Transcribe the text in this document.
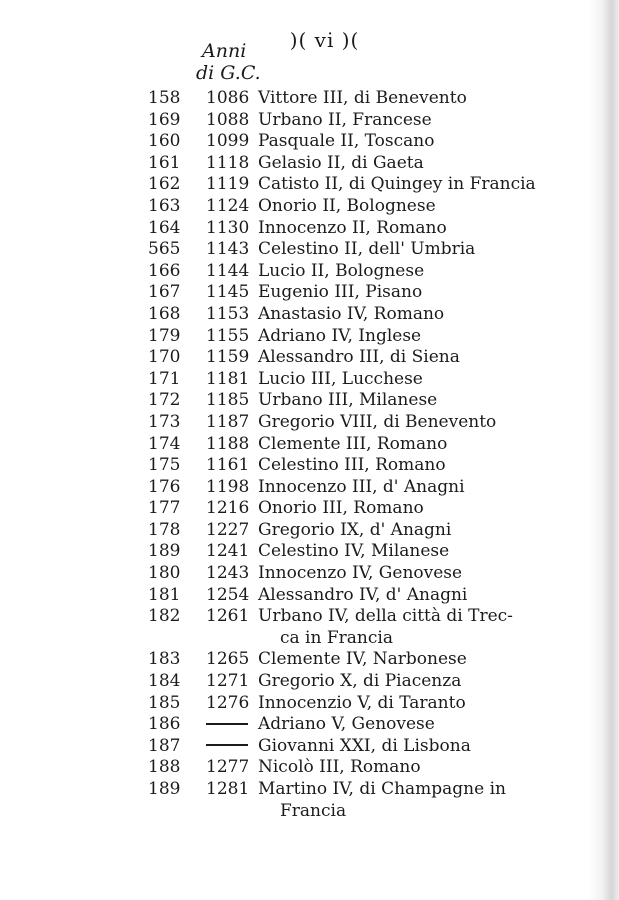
)( vi )(
Anni
di G.C.
158 1086 Vittore III, di Benevento
169 1088 Urbano II, Francese
160 1099 Pasquale II, Toscano
161 1118 Gelasio II, di Gaeta
162 1119 Catisto II, di Quingey in Francia
163 1124 Onorio II, Bolognese
164 1130 Innocenzo II, Romano
565 1143 Celestino II, dell' Umbria
166 1144 Lucio II, Bolognese
167 1145 Eugenio III, Pisano
168 1153 Anastasio IV, Romano
179 1155 Adriano IV, Inglese
170 1159 Alessandro III, di Siena
171 1181 Lucio III, Lucchese
172 1185 Urbano III, Milanese
173 1187 Gregorio VIII, di Benevento
174 1188 Clemente III, Romano
175 1161 Celestino III, Romano
176 1198 Innocenzo III, d' Anagni
177 1216 Onorio III, Romano
178 1227 Gregorio IX, d' Anagni
189 1241 Celestino IV, Milanese
180 1243 Innocenzo IV, Genovese
181 1254 Alessandro IV, d' Anagni
182 1261 Urbano IV, della città di Trec-
ca in Francia
183 1265 Clemente IV, Narbonese
184 1271 Gregorio X, di Piacenza
185 1276 Innocenzio V, di Taranto
186	Adriano V, Genovese
187	Giovanni XXI, di Lisbona
188 1277 Nicolò III, Romano
189 1281 Martino IV, di Champagne in
Francia
